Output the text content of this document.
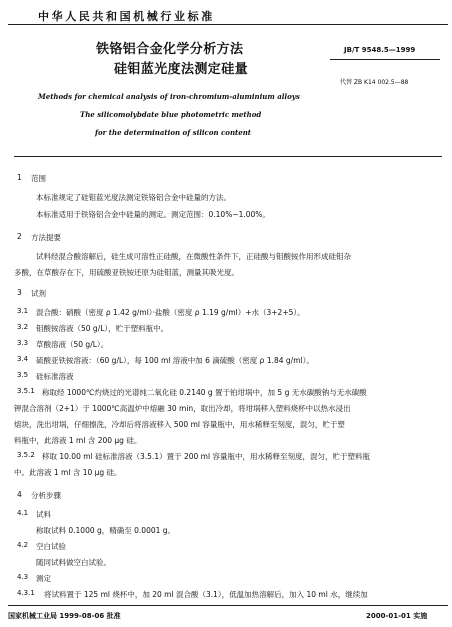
中华人民共和国机械行业标准
铁铬铝合金化学分析方法
硅钼蓝光度法测定硅量
JB/T 9548.5—1999
代替 ZB K14 002.5—88
Methods for chemical analysis of iron-chromium-aluminium alloys
The silicomolybdate blue photometric method
for the determination of silicon content
1 范围
本标准规定了硅钼蓝光度法测定铁铬铝合金中硅量的方法。
本标准适用于铁铬铝合金中硅量的测定。测定范围：0.10%~1.00%。
2 方法提要
试料经混合酸溶解后，硅生成可溶性正硅酸，在微酸性条件下，正硅酸与钼酸铵作用形成硅钼杂
多酸，在草酸存在下，用硫酸亚铁铵还原为硅钼蓝，测量其吸光度。
3 试剂
3.1 混合酸：硝酸（密度 ρ 1.42 g/ml）·盐酸（密度 ρ 1.19 g/ml）+水（3+2+5）。
3.2 钼酸铵溶液（50 g/L），贮于塑料瓶中。
3.3 草酸溶液（50 g/L）。
3.4 硫酸亚铁铵溶液：（60 g/L），每 100 ml 溶液中加 6 滴硫酸（密度 ρ 1.84 g/ml）。
3.5 硅标准溶液
3.5.1 称取经 1000℃灼烧过的光谱纯二氧化硅 0.2140 g 置于铂坩埚中，加 5 g 无水碳酸钠与无水碳酸
钾混合溶剂（2+1）于 1000℃高温炉中熔融 30 min，取出冷却，将坩埚移入塑料烧杯中以热水浸出
熔块，洗出坩埚，仔细擦洗，冷却后将溶液移入 500 ml 容量瓶中，用水稀释至刻度，混匀，贮于塑
料瓶中，此溶液 1 ml 含 200 μg 硅。
3.5.2 移取 10.00 ml 硅标准溶液（3.5.1）置于 200 ml 容量瓶中，用水稀释至刻度，混匀，贮于塑料瓶
中。此溶液 1 ml 含 10 μg 硅。
4 分析步骤
4.1 试料
称取试料 0.1000 g，精确至 0.0001 g。
4.2 空白试验
随同试料做空白试验。
4.3 测定
4.3.1 将试料置于 125 ml 烧杯中，加 20 ml 混合酸（3.1），低温加热溶解后，加入 10 ml 水，继续加
国家机械工业局 1999-08-06 批准	2000-01-01 实施
